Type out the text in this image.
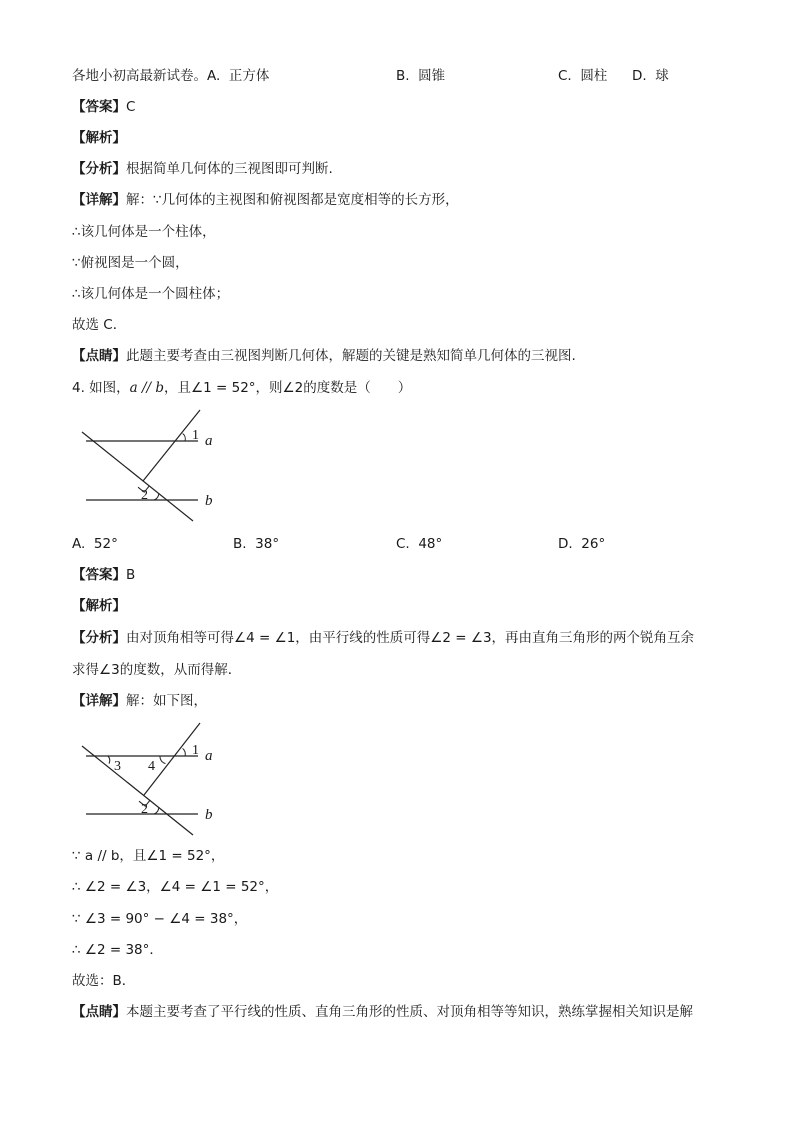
各地小初高最新试卷。A. 正方体	B. 圆锥	C. 圆柱 D. 球
【答案】C
【解析】
【分析】根据简单几何体的三视图即可判断.
【详解】解：∵几何体的主视图和俯视图都是宽度相等的长方形，
∴该几何体是一个柱体，
∵俯视图是一个圆，
∴该几何体是一个圆柱体；
故选 C．
【点睛】此题主要考查由三视图判断几何体，解题的关键是熟知简单几何体的三视图.
4. 如图，a // b，且∠1 = 52°，则∠2的度数是（　　）
1 a
2	b
A. 52°	B. 38°	C. 48°	D. 26°
【答案】B
【解析】
【分析】由对顶角相等可得∠4 = ∠1，由平行线的性质可得∠2 = ∠3，再由直角三角形的两个锐角互余
求得∠3的度数，从而得解．
【详解】解：如下图，
3 4
1 a
2	b
∵ a // b，且∠1 = 52°，
∴ ∠2 = ∠3，∠4 = ∠1 = 52°，
∵ ∠3 = 90° − ∠4 = 38°，
∴ ∠2 = 38°．
故选：B．
【点睛】本题主要考查了平行线的性质、直角三角形的性质、对顶角相等等知识，熟练掌握相关知识是解
